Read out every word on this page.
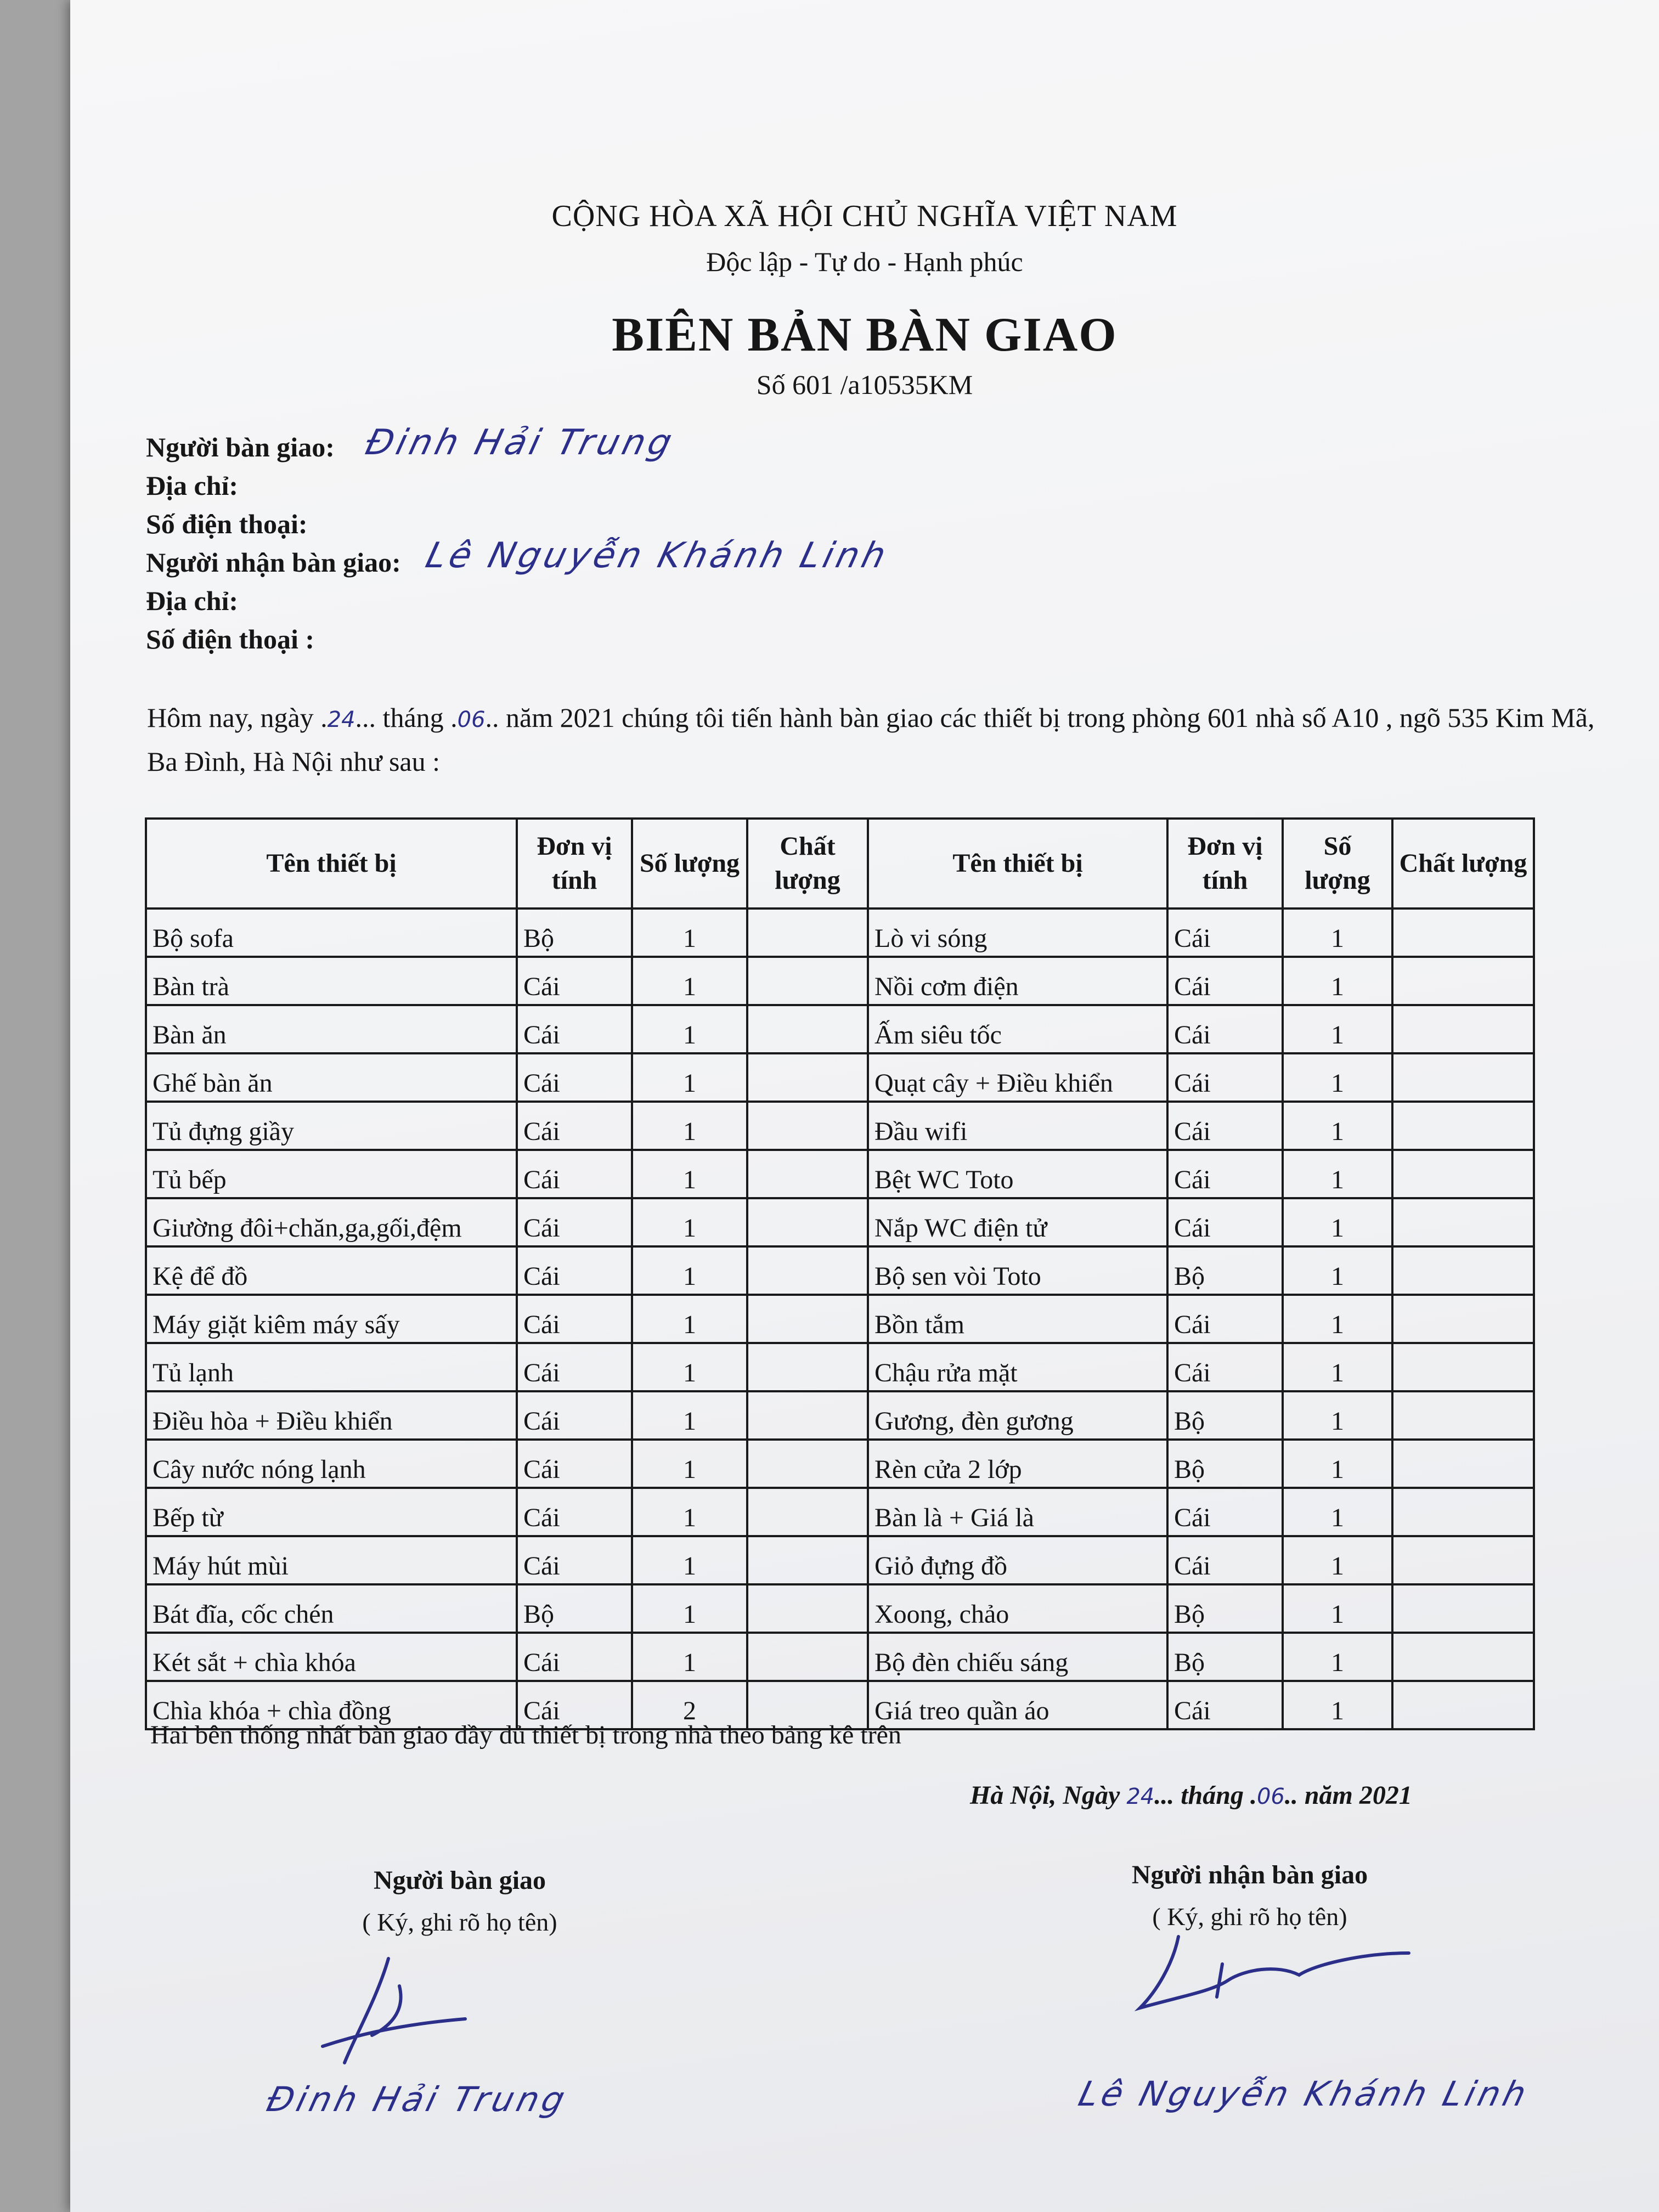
CỘNG HÒA XÃ HỘI CHỦ NGHĨA VIỆT NAM
Độc lập - Tự do - Hạnh phúc
BIÊN BẢN BÀN GIAO
Số 601 /a10535KM
Người bàn giao: Đinh Hải Trung
Địa chỉ:
Số điện thoại:
Người nhận bàn giao: Lê Nguyễn Khánh Linh
Địa chỉ:
Số điện thoại :
Hôm nay, ngày .24... tháng .06.. năm 2021 chúng tôi tiến hành bàn giao các thiết bị trong phòng 601 nhà số A10 , ngõ 535 Kim Mã, Ba Đình, Hà Nội như sau :
Tên thiết bị	Đơn vị tính	Số lượng	Chất lượng	Tên thiết bị	Đơn vị tính	Số lượng	Chất lượng
Bộ sofa	Bộ	1		Lò vi sóng	Cái	1	
Bàn trà	Cái	1		Nồi cơm điện	Cái	1	
Bàn ăn	Cái	1		Ấm siêu tốc	Cái	1	
Ghế bàn ăn	Cái	1		Quạt cây + Điều khiển	Cái	1	
Tủ đựng giầy	Cái	1		Đầu wifi	Cái	1	
Tủ bếp	Cái	1		Bệt WC Toto	Cái	1	
Giường đôi+chăn,ga,gối,đệm	Cái	1		Nắp WC điện tử	Cái	1	
Kệ để đồ	Cái	1		Bộ sen vòi Toto	Bộ	1	
Máy giặt kiêm máy sấy	Cái	1		Bồn tắm	Cái	1	
Tủ lạnh	Cái	1		Chậu rửa mặt	Cái	1	
Điều hòa + Điều khiển	Cái	1		Gương, đèn gương	Bộ	1	
Cây nước nóng lạnh	Cái	1		Rèn cửa 2 lớp	Bộ	1	
Bếp từ	Cái	1		Bàn là + Giá là	Cái	1	
Máy hút mùi	Cái	1		Giỏ đựng đồ	Cái	1	
Bát đĩa, cốc chén	Bộ	1		Xoong, chảo	Bộ	1	
Két sắt + chìa khóa	Cái	1		Bộ đèn chiếu sáng	Bộ	1	
Chìa khóa + chìa đồng	Cái	2		Giá treo quần áo	Cái	1	
Hai bên thống nhất bàn giao đầy đủ thiết bị trong nhà theo bảng kê trên
Hà Nội, Ngày 24... tháng .06.. năm 2021
Người bàn giao
( Ký, ghi rõ họ tên)
Đinh Hải Trung
Người nhận bàn giao
( Ký, ghi rõ họ tên)
Lê Nguyễn Khánh Linh
